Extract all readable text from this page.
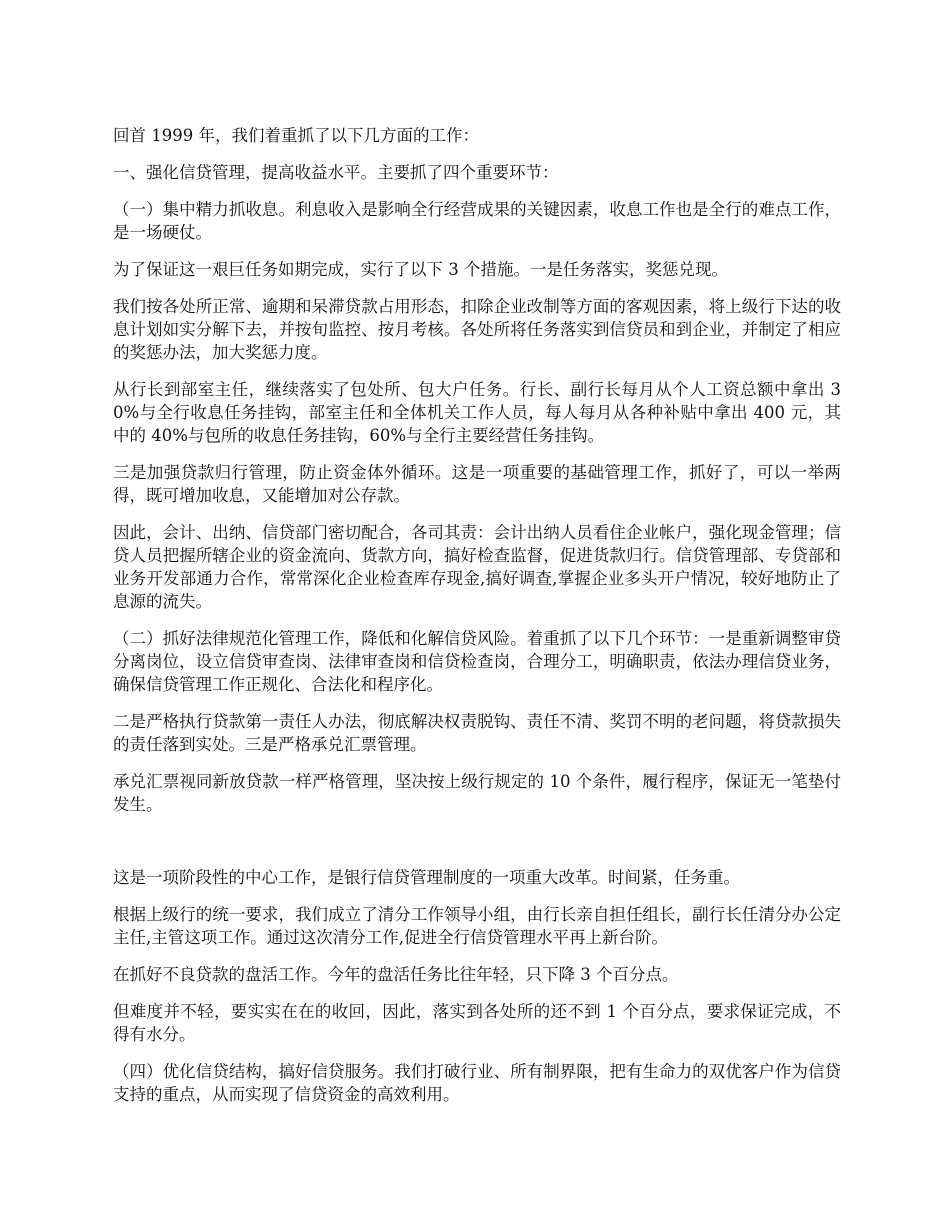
回首 1999 年，我们着重抓了以下几方面的工作：

一、强化信贷管理，提高收益水平。主要抓了四个重要环节：

（一）集中精力抓收息。利息收入是影响全行经营成果的关键因素，收息工作也是全行的难点工作，是一场硬仗。

为了保证这一艰巨任务如期完成，实行了以下 3 个措施。一是任务落实，奖惩兑现。

我们按各处所正常、逾期和呆滞贷款占用形态，扣除企业改制等方面的客观因素，将上级行下达的收息计划如实分解下去，并按旬监控、按月考核。各处所将任务落实到信贷员和到企业，并制定了相应的奖惩办法，加大奖惩力度。

从行长到部室主任，继续落实了包处所、包大户任务。行长、副行长每月从个人工资总额中拿出 30%与全行收息任务挂钩，部室主任和全体机关工作人员，每人每月从各种补贴中拿出 400 元，其中的 40%与包所的收息任务挂钩，60%与全行主要经营任务挂钩。

三是加强贷款归行管理，防止资金体外循环。这是一项重要的基础管理工作，抓好了，可以一举两得，既可增加收息，又能增加对公存款。

因此，会计、出纳、信贷部门密切配合，各司其责：会计出纳人员看住企业帐户，强化现金管理；信贷人员把握所辖企业的资金流向、货款方向，搞好检查监督，促进货款归行。信贷管理部、专贷部和业务开发部通力合作，常常深化企业检查库存现金,搞好调查,掌握企业多头开户情况，较好地防止了息源的流失。

（二）抓好法律规范化管理工作，降低和化解信贷风险。着重抓了以下几个环节：一是重新调整审贷分离岗位，设立信贷审查岗、法律审查岗和信贷检查岗，合理分工，明确职责，依法办理信贷业务，确保信贷管理工作正规化、合法化和程序化。

二是严格执行贷款第一责任人办法，彻底解决权责脱钩、责任不清、奖罚不明的老问题，将贷款损失的责任落到实处。三是严格承兑汇票管理。

承兑汇票视同新放贷款一样严格管理，坚决按上级行规定的 10 个条件，履行程序，保证无一笔垫付发生。

这是一项阶段性的中心工作，是银行信贷管理制度的一项重大改革。时间紧，任务重。

根据上级行的统一要求，我们成立了清分工作领导小组，由行长亲自担任组长，副行长任清分办公定主任,主管这项工作。通过这次清分工作,促进全行信贷管理水平再上新台阶。

在抓好不良贷款的盘活工作。今年的盘活任务比往年轻，只下降 3 个百分点。

但难度并不轻，要实实在在的收回，因此，落实到各处所的还不到 1 个百分点，要求保证完成，不得有水分。

（四）优化信贷结构，搞好信贷服务。我们打破行业、所有制界限，把有生命力的双优客户作为信贷支持的重点，从而实现了信贷资金的高效利用。
